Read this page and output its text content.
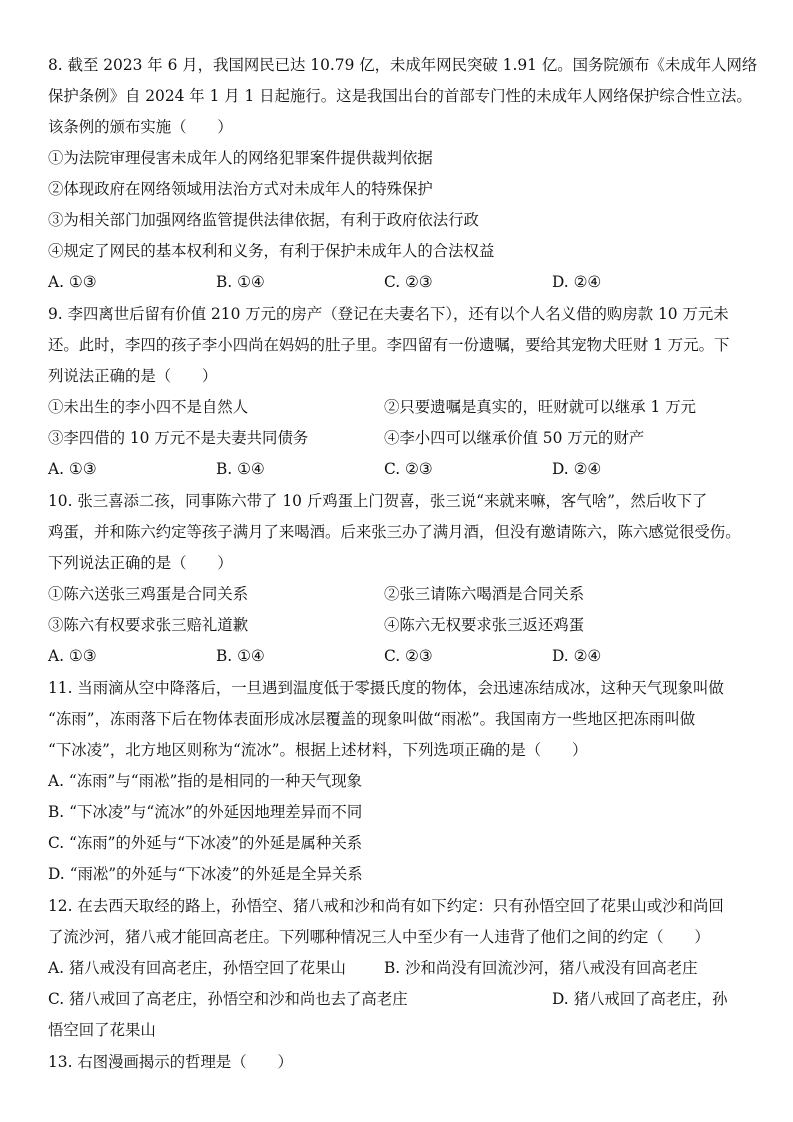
8. 截至 2023 年 6 月，我国网民已达 10.79 亿，未成年网民突破 1.91 亿。国务院颁布《未成年人网络
保护条例》自 2024 年 1 月 1 日起施行。这是我国出台的首部专门性的未成年人网络保护综合性立法。
该条例的颁布实施（　　）
①为法院审理侵害未成年人的网络犯罪案件提供裁判依据
②体现政府在网络领域用法治方式对未成年人的特殊保护
③为相关部门加强网络监管提供法律依据，有利于政府依法行政
④规定了网民的基本权利和义务，有利于保护未成年人的合法权益
A. ①③	B. ①④	C. ②③	D. ②④
9. 李四离世后留有价值 210 万元的房产（登记在夫妻名下），还有以个人名义借的购房款 10 万元未
还。此时，李四的孩子李小四尚在妈妈的肚子里。李四留有一份遗嘱，要给其宠物犬旺财 1 万元。下
列说法正确的是（　　）
①未出生的李小四不是自然人	②只要遗嘱是真实的，旺财就可以继承 1 万元
③李四借的 10 万元不是夫妻共同债务	④李小四可以继承价值 50 万元的财产
A. ①③	B. ①④	C. ②③	D. ②④
10. 张三喜添二孩，同事陈六带了 10 斤鸡蛋上门贺喜，张三说“来就来嘛，客气啥”，然后收下了
鸡蛋，并和陈六约定等孩子满月了来喝酒。后来张三办了满月酒，但没有邀请陈六，陈六感觉很受伤。
下列说法正确的是（　　）
①陈六送张三鸡蛋是合同关系	②张三请陈六喝酒是合同关系
③陈六有权要求张三赔礼道歉	④陈六无权要求张三返还鸡蛋
A. ①③	B. ①④	C. ②③	D. ②④
11. 当雨滴从空中降落后，一旦遇到温度低于零摄氏度的物体，会迅速冻结成冰，这种天气现象叫做
“冻雨”，冻雨落下后在物体表面形成冰层覆盖的现象叫做“雨凇”。我国南方一些地区把冻雨叫做
“下冰凌”，北方地区则称为“流冰”。根据上述材料，下列选项正确的是（　　）
A. “冻雨”与“雨凇”指的是相同的一种天气现象
B. “下冰凌”与“流冰”的外延因地理差异而不同
C. “冻雨”的外延与“下冰凌”的外延是属种关系
D. “雨凇”的外延与“下冰凌”的外延是全异关系
12. 在去西天取经的路上，孙悟空、猪八戒和沙和尚有如下约定：只有孙悟空回了花果山或沙和尚回
了流沙河，猪八戒才能回高老庄。下列哪种情况三人中至少有一人违背了他们之间的约定（　　）
A. 猪八戒没有回高老庄，孙悟空回了花果山 B. 沙和尚没有回流沙河，猪八戒没有回高老庄
C. 猪八戒回了高老庄，孙悟空和沙和尚也去了高老庄	D. 猪八戒回了高老庄，孙
悟空回了花果山
13. 右图漫画揭示的哲理是（　　）
